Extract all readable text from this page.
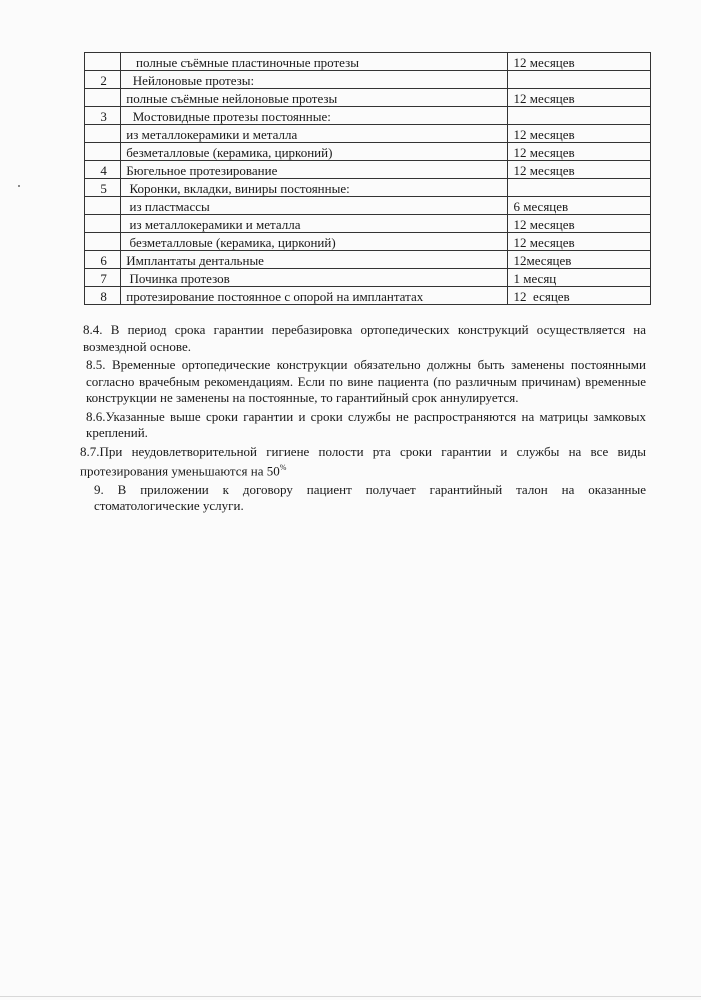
	полные съёмные пластиночные протезы	12 месяцев
2	Нейлоновые протезы:	
	полные съёмные нейлоновые протезы	12 месяцев
3	Мостовидные протезы постоянные:	
	из металлокерамики и металла	12 месяцев
	безметалловые (керамика, цирконий)	12 месяцев
4	Бюгельное протезирование	12 месяцев
5	Коронки, вкладки, виниры постоянные:	
	из пластмассы	6 месяцев
	из металлокерамики и металла	12 месяцев
	безметалловые (керамика, цирконий)	12 месяцев
6	Имплантаты дентальные	12месяцев
7	Починка протезов	1 месяц
8	протезирование постоянное с опорой на имплантатах	12  есяцев

8.4. В период срока гарантии перебазировка ортопедических конструкций осуществляется на возмездной основе.

8.5. Временные ортопедические конструкции обязательно должны быть заменены постоянными согласно врачебным рекомендациям. Если по вине пациента (по различным причинам) временные конструкции не заменены на постоянные, то гарантийный срок аннулируется.

8.6.Указанные выше сроки гарантии и сроки службы не распространяются на матрицы замковых креплений.

8.7.При неудовлетворительной гигиене полости рта сроки гарантии и службы на все виды протезирования уменьшаются на 50%

9. В приложении к договору пациент получает гарантийный талон на оказанные стоматологические услуги.
